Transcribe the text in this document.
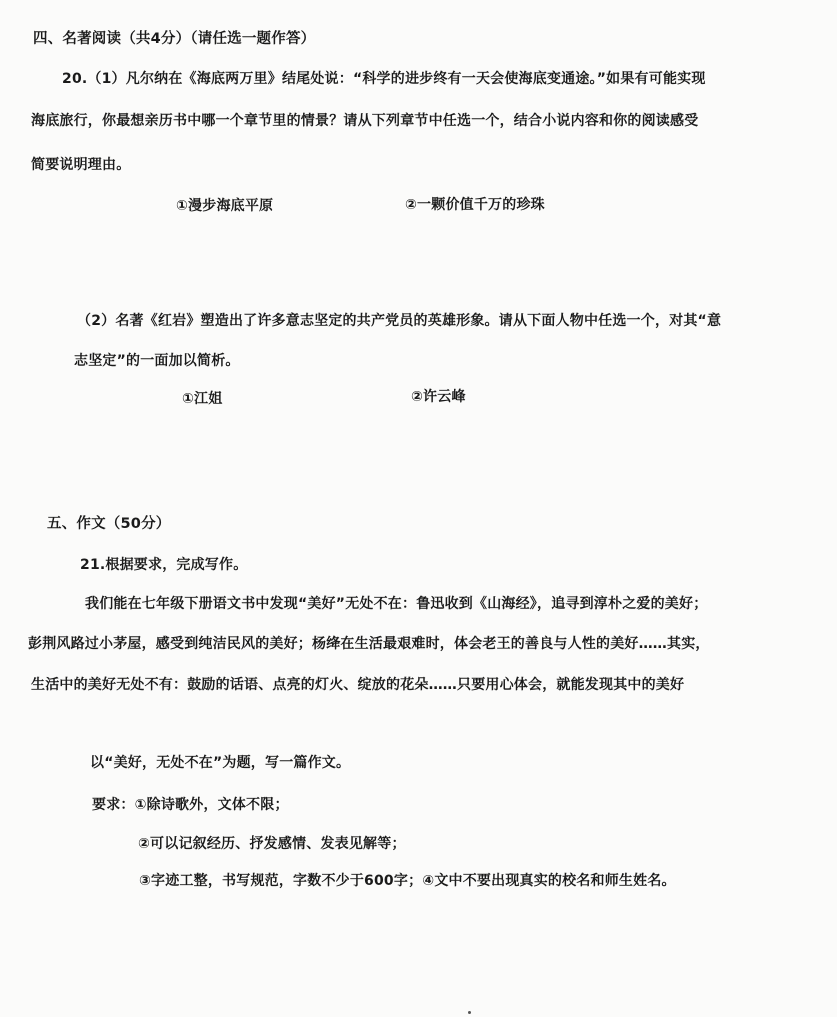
四、名著阅读（共4分）（请任选一题作答）
20.（1）凡尔纳在《海底两万里》结尾处说：“科学的进步终有一天会使海底变通途。”如果有可能实现
海底旅行，你最想亲历书中哪一个章节里的情景？请从下列章节中任选一个，结合小说内容和你的阅读感受
简要说明理由。
①漫步海底平原	②一颗价值千万的珍珠
（2）名著《红岩》塑造出了许多意志坚定的共产党员的英雄形象。请从下面人物中任选一个，对其“意
志坚定”的一面加以简析。
①江姐	②许云峰
五、作文（50分）
21.根据要求，完成写作。
我们能在七年级下册语文书中发现“美好”无处不在：鲁迅收到《山海经》，追寻到淳朴之爱的美好；
彭荆风路过小茅屋，感受到纯洁民风的美好；杨绛在生活最艰难时，体会老王的善良与人性的美好……其实，
生活中的美好无处不有：鼓励的话语、点亮的灯火、绽放的花朵……只要用心体会，就能发现其中的美好
以“美好，无处不在”为题，写一篇作文。
要求：①除诗歌外，文体不限；
②可以记叙经历、抒发感情、发表见解等；
③字迹工整，书写规范，字数不少于600字；④文中不要出现真实的校名和师生姓名。
